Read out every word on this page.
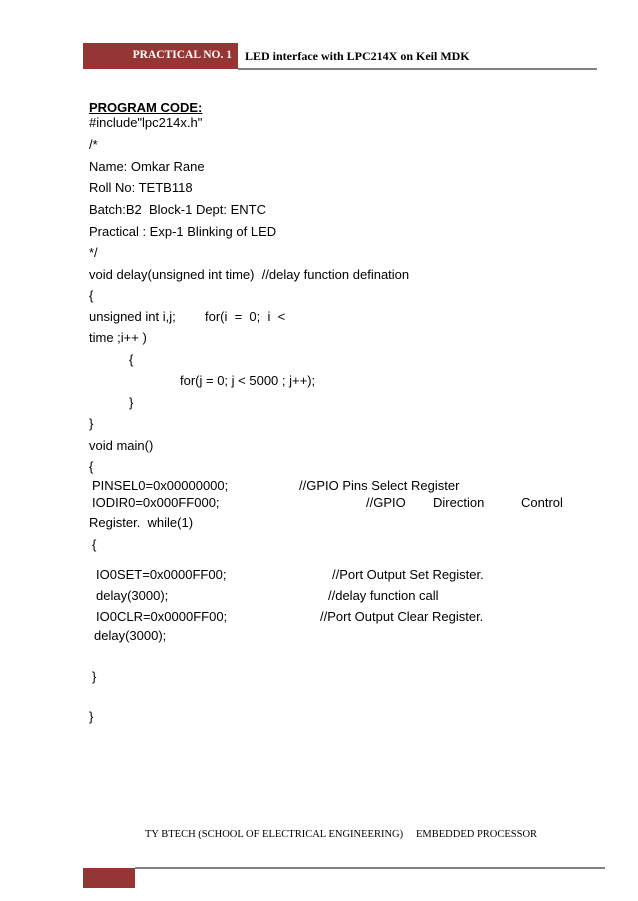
PRACTICAL NO. 1 LED interface with LPC214X on Keil MDK
PROGRAM CODE:
#include"lpc214x.h"
/*
Name: Omkar Rane
Roll No: TETB118
Batch:B2  Block-1 Dept: ENTC
Practical : Exp-1 Blinking of LED
*/
void delay(unsigned int time)  //delay function defination
{
unsigned int i,j; for(i  =  0;  i  <
time ;i++ )
{
for(j = 0; j < 5000 ; j++);
}
}
void main()
{
PINSEL0=0x00000000;	//GPIO Pins Select Register
IODIR0=0x000FF000;	//GPIO Direction	Control
Register.  while(1)
{
IO0SET=0x0000FF00;	//Port Output Set Register.
delay(3000);	//delay function call
IO0CLR=0x0000FF00;	//Port Output Clear Register.
delay(3000);
}
}
TY BTECH (SCHOOL OF ELECTRICAL ENGINEERING) EMBEDDED PROCESSOR
